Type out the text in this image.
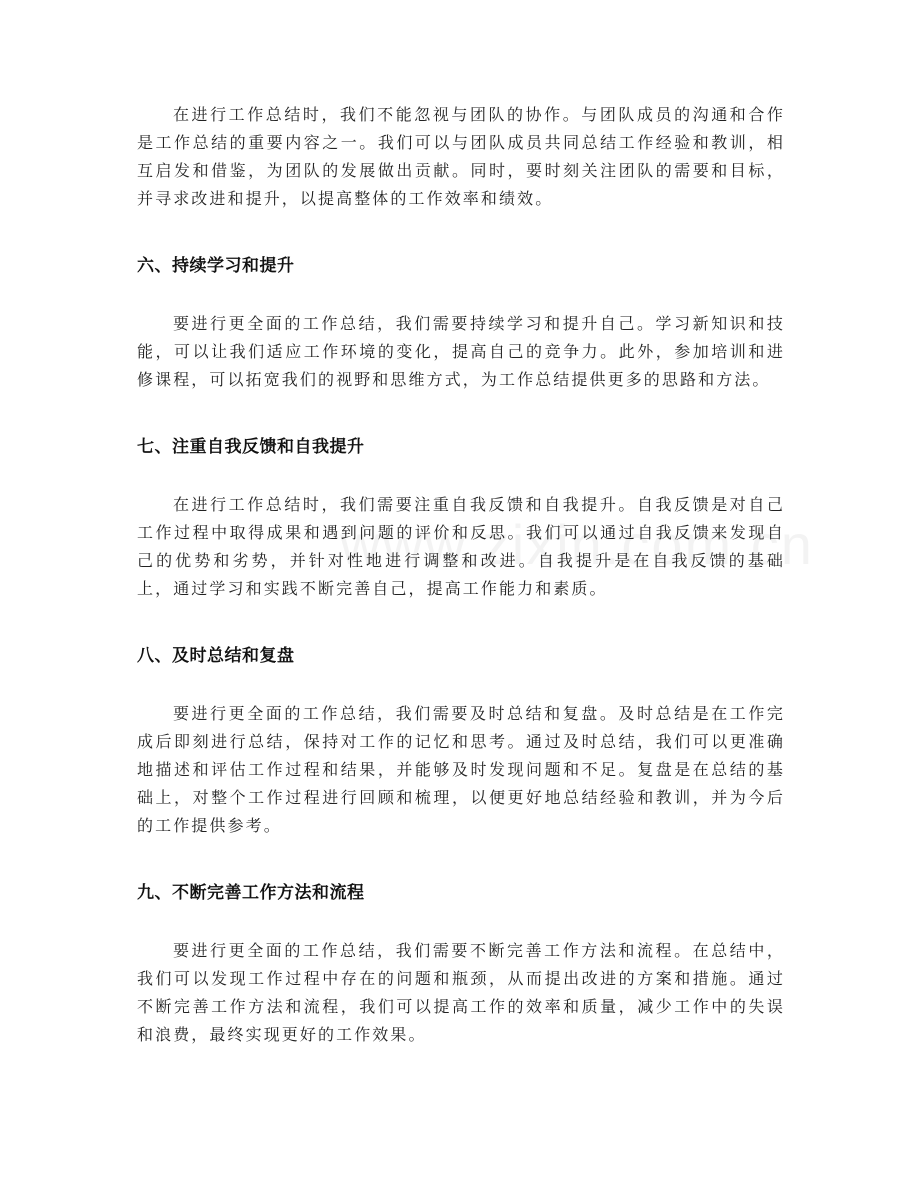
在进行工作总结时，我们不能忽视与团队的协作。与团队成员的沟通和合作是工作总结的重要内容之一。我们可以与团队成员共同总结工作经验和教训，相互启发和借鉴，为团队的发展做出贡献。同时，要时刻关注团队的需要和目标，并寻求改进和提升，以提高整体的工作效率和绩效。

六、持续学习和提升

要进行更全面的工作总结，我们需要持续学习和提升自己。学习新知识和技能，可以让我们适应工作环境的变化，提高自己的竞争力。此外，参加培训和进修课程，可以拓宽我们的视野和思维方式，为工作总结提供更多的思路和方法。

七、注重自我反馈和自我提升

在进行工作总结时，我们需要注重自我反馈和自我提升。自我反馈是对自己工作过程中取得成果和遇到问题的评价和反思。我们可以通过自我反馈来发现自己的优势和劣势，并针对性地进行调整和改进。自我提升是在自我反馈的基础上，通过学习和实践不断完善自己，提高工作能力和素质。

八、及时总结和复盘

要进行更全面的工作总结，我们需要及时总结和复盘。及时总结是在工作完成后即刻进行总结，保持对工作的记忆和思考。通过及时总结，我们可以更准确地描述和评估工作过程和结果，并能够及时发现问题和不足。复盘是在总结的基础上，对整个工作过程进行回顾和梳理，以便更好地总结经验和教训，并为今后的工作提供参考。

九、不断完善工作方法和流程

要进行更全面的工作总结，我们需要不断完善工作方法和流程。在总结中，我们可以发现工作过程中存在的问题和瓶颈，从而提出改进的方案和措施。通过不断完善工作方法和流程，我们可以提高工作的效率和质量，减少工作中的失误和浪费，最终实现更好的工作效果。
